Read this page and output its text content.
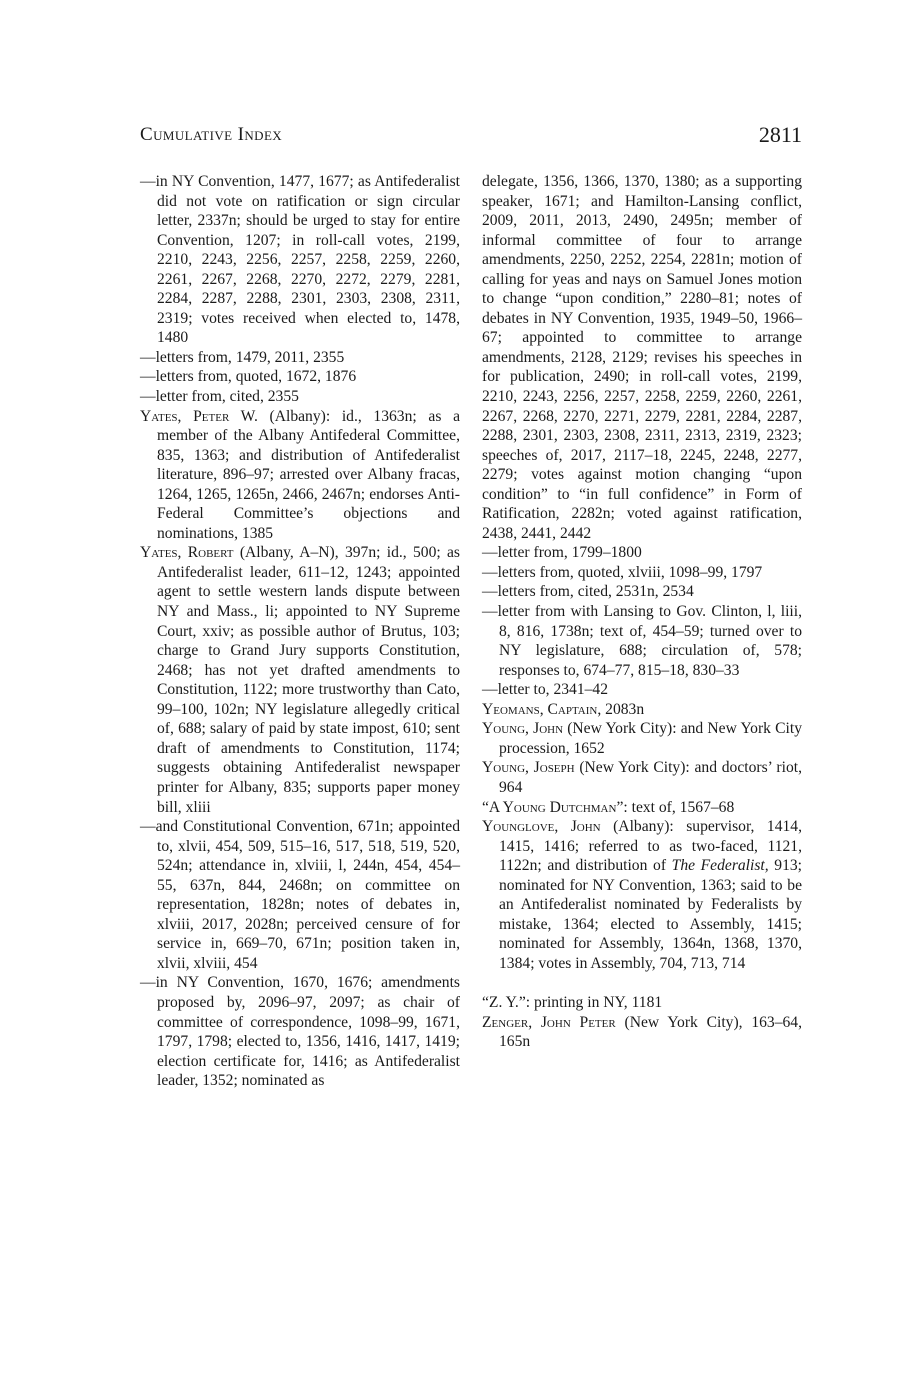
Cumulative Index	2811

—in NY Convention, 1477, 1677; as Antifederalist did not vote on ratification or sign circular letter, 2337n; should be urged to stay for entire Convention, 1207; in roll-call votes, 2199, 2210, 2243, 2256, 2257, 2258, 2259, 2260, 2261, 2267, 2268, 2270, 2272, 2279, 2281, 2284, 2287, 2288, 2301, 2303, 2308, 2311, 2319; votes received when elected to, 1478, 1480

—letters from, 1479, 2011, 2355

—letters from, quoted, 1672, 1876

—letter from, cited, 2355

Yates, Peter W. (Albany): id., 1363n; as a member of the Albany Antifederal Committee, 835, 1363; and distribution of Antifederalist literature, 896–97; arrested over Albany fracas, 1264, 1265, 1265n, 2466, 2467n; endorses Anti-Federal Committee’s objections and nominations, 1385

Yates, Robert (Albany, A–N), 397n; id., 500; as Antifederalist leader, 611–12, 1243; appointed agent to settle western lands dispute between NY and Mass., li; appointed to NY Supreme Court, xxiv; as possible author of Brutus, 103; charge to Grand Jury supports Constitution, 2468; has not yet drafted amendments to Constitution, 1122; more trustworthy than Cato, 99–100, 102n; NY legislature allegedly critical of, 688; salary of paid by state impost, 610; sent draft of amendments to Constitution, 1174; suggests obtaining Antifederalist newspaper printer for Albany, 835; supports paper money bill, xliii

—and Constitutional Convention, 671n; appointed to, xlvii, 454, 509, 515–16, 517, 518, 519, 520, 524n; attendance in, xlviii, l, 244n, 454, 454–55, 637n, 844, 2468n; on committee on representation, 1828n; notes of debates in, xlviii, 2017, 2028n; perceived censure of for service in, 669–70, 671n; position taken in, xlvii, xlviii, 454

—in NY Convention, 1670, 1676; amendments proposed by, 2096–97, 2097; as chair of committee of correspondence, 1098–99, 1671, 1797, 1798; elected to, 1356, 1416, 1417, 1419; election certificate for, 1416; as Antifederalist leader, 1352; nominated as

delegate, 1356, 1366, 1370, 1380; as a supporting speaker, 1671; and Hamilton-Lansing conflict, 2009, 2011, 2013, 2490, 2495n; member of informal committee of four to arrange amendments, 2250, 2252, 2254, 2281n; motion of calling for yeas and nays on Samuel Jones motion to change “upon condition,” 2280–81; notes of debates in NY Convention, 1935, 1949–50, 1966–67; appointed to committee to arrange amendments, 2128, 2129; revises his speeches in for publication, 2490; in roll-call votes, 2199, 2210, 2243, 2256, 2257, 2258, 2259, 2260, 2261, 2267, 2268, 2270, 2271, 2279, 2281, 2284, 2287, 2288, 2301, 2303, 2308, 2311, 2313, 2319, 2323; speeches of, 2017, 2117–18, 2245, 2248, 2277, 2279; votes against motion changing “upon condition” to “in full confidence” in Form of Ratification, 2282n; voted against ratification, 2438, 2441, 2442

—letter from, 1799–1800

—letters from, quoted, xlviii, 1098–99, 1797

—letters from, cited, 2531n, 2534

—letter from with Lansing to Gov. Clinton, l, liii, 8, 816, 1738n; text of, 454–59; turned over to NY legislature, 688; circulation of, 578; responses to, 674–77, 815–18, 830–33

—letter to, 2341–42

Yeomans, Captain, 2083n

Young, John (New York City): and New York City procession, 1652

Young, Joseph (New York City): and doctors’ riot, 964

“A Young Dutchman”: text of, 1567–68

Younglove, John (Albany): supervisor, 1414, 1415, 1416; referred to as two-faced, 1121, 1122n; and distribution of The Federalist, 913; nominated for NY Convention, 1363; said to be an Antifederalist nominated by Federalists by mistake, 1364; elected to Assembly, 1415; nominated for Assembly, 1364n, 1368, 1370, 1384; votes in Assembly, 704, 713, 714

“Z. Y.”: printing in NY, 1181

Zenger, John Peter (New York City), 163–64, 165n
